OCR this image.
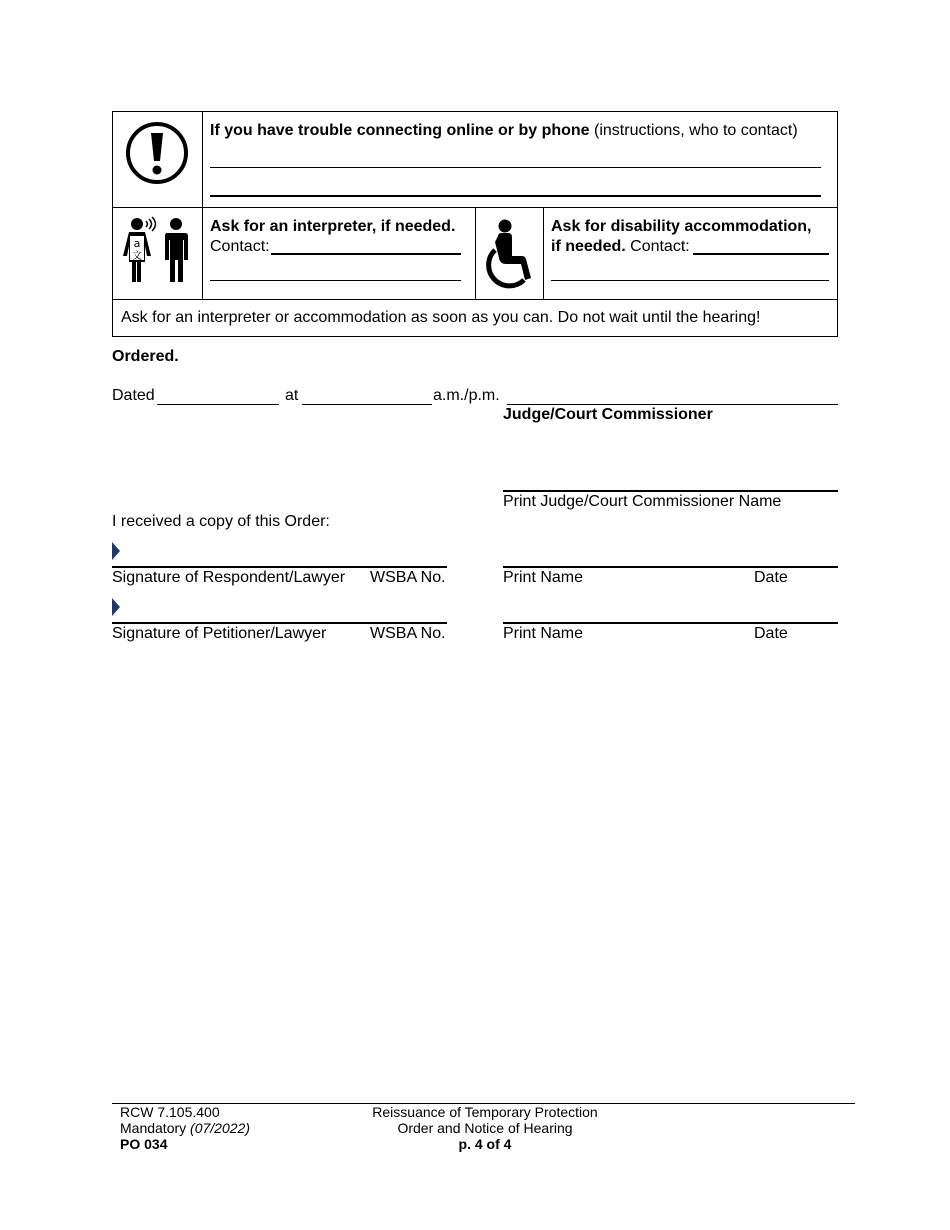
If you have trouble connecting online or by phone (instructions, who to contact)
a
文
Ask for an interpreter, if needed.
Contact:
Ask for disability accommodation,
if needed. Contact:
Ask for an interpreter or accommodation as soon as you can. Do not wait until the hearing!
Ordered.
Dated	at	a.m./p.m.
Judge/Court Commissioner
Print Judge/Court Commissioner Name
I received a copy of this Order:
Signature of Respondent/Lawyer WSBA No.	Print Name	Date
Signature of Petitioner/Lawyer	WSBA No.	Print Name	Date
RCW 7.105.400
Mandatory (07/2022)
PO 034
Reissuance of Temporary Protection
Order and Notice of Hearing
p. 4 of 4
